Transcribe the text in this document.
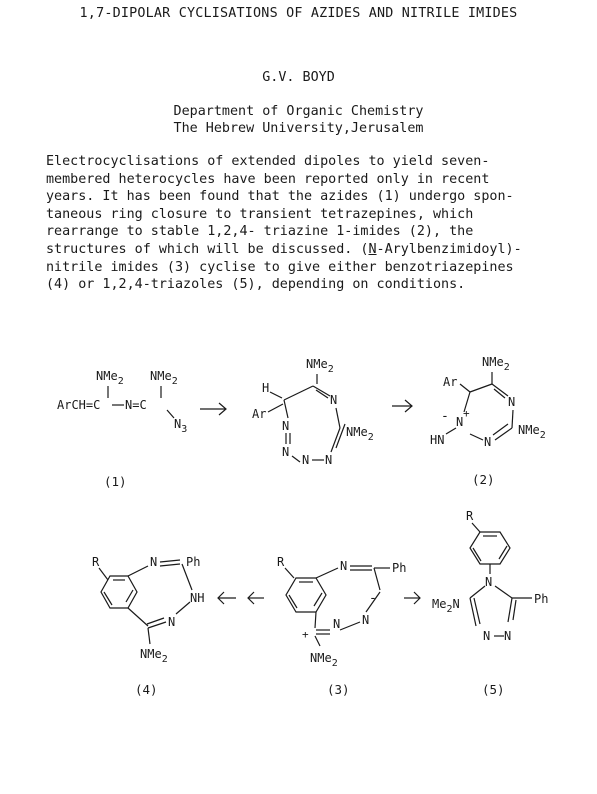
1,7-DIPOLAR CYCLISATIONS OF AZIDES AND NITRILE IMIDES
G.V. BOYD
Department of Organic Chemistry
The Hebrew University,Jerusalem
Electrocyclisations of extended dipoles to yield seven-
membered heterocycles have been reported only in recent
years. It has been found that the azides (1) undergo spon-
taneous ring closure to transient tetrazepines, which
rearrange to stable 1,2,4- triazine 1-imides (2), the
structures of which will be discussed. (N-Arylbenzimidoyl)-
nitrile imides (3) cyclise to give either benzotriazepines
(4) or 1,2,4-triazoles (5), depending on conditions.
NMe$_2$ NMe$_2$
ArCH=C N=C
$N_3$
NMe$_2$
H
Ar
N
NMe$_2$
N
N
N N
NMe$_2$
Ar
N
NMe$_2$
N
N
+
-
HN
(1)	(2)
R	N Ph
NH
N
NMe$_2$
R	N	Ph
-
N
N
+
NMe$_2$
R
N
Ph
N N
$Me_2N$
(4)	(3)	(5)
